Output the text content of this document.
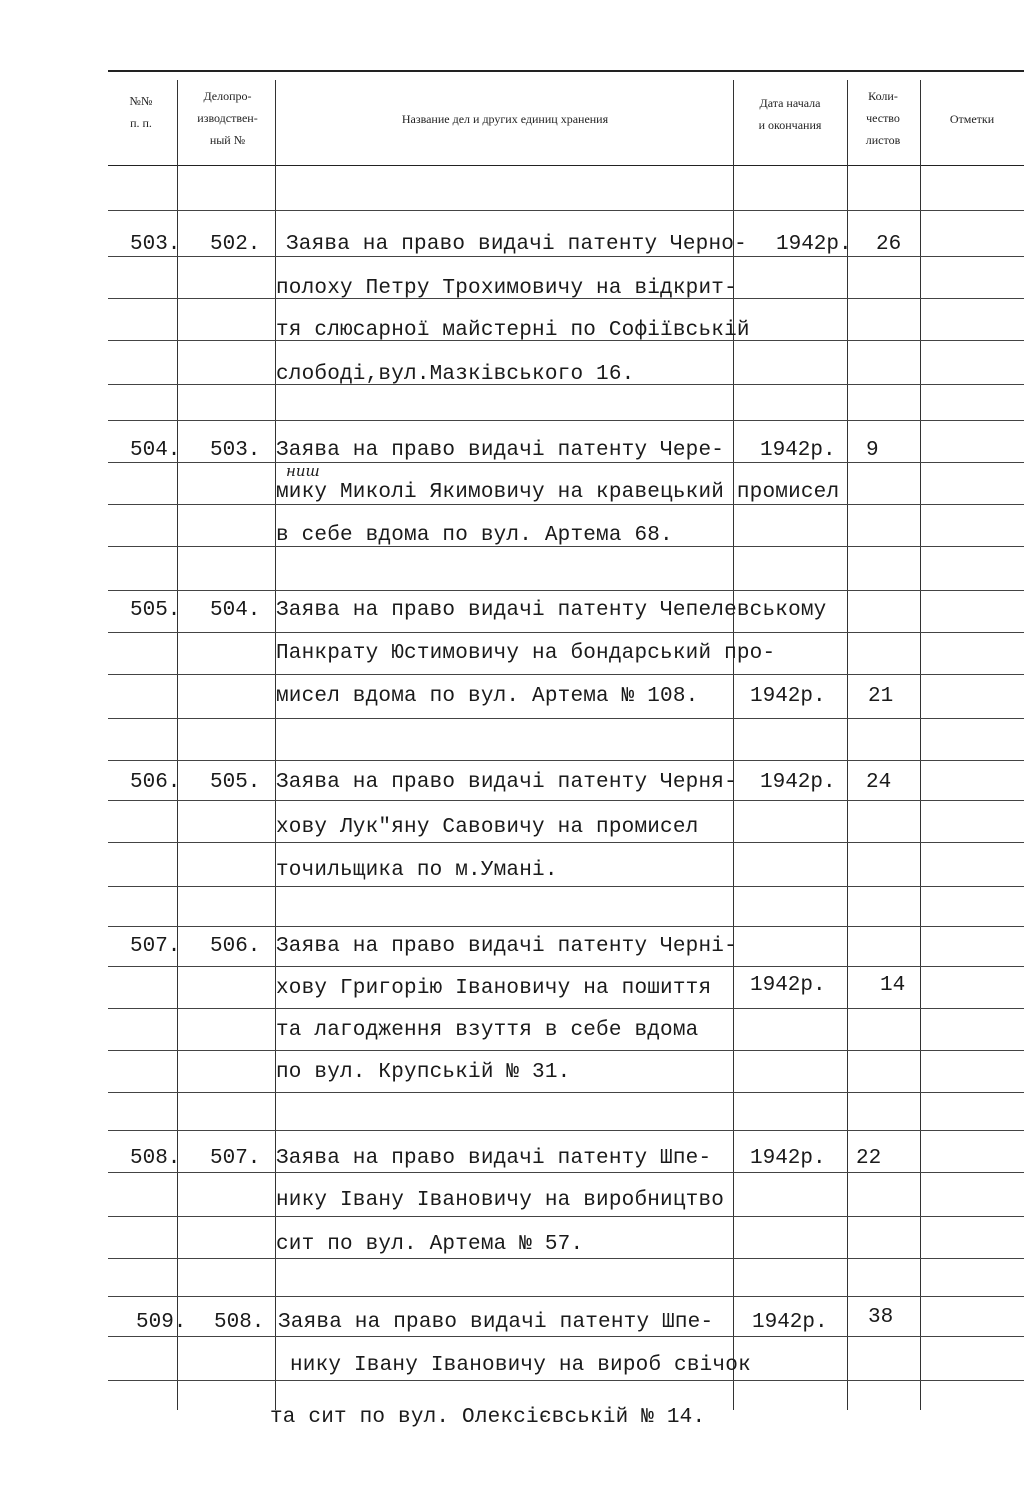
№№
п. п.
Делопро-
изводствен-
ный №
Название дел и других единиц хранения
Дата начала
и окончания
Коли-
чество
листов
Отметки
503. 502. Заява на право видачі патенту Черно-
полоху Петру Трохимовичу на відкрит-
тя слюсарної майстерні по Софіївській
слободі,вул.Мазківського 16.
1942р. 26
504. 503. Заява на право видачі патенту Чере-
ниш
мику Миколі Якимовичу на кравецький промисел
в себе вдома по вул. Артема 68.
1942р. 9
505. 504. Заява на право видачі патенту Чепелевському
Панкрату Юстимовичу на бондарський про-
мисел вдома по вул. Артема № 108. 1942р. 21
506. 505. Заява на право видачі патенту Черня-
хову Лук"яну Савовичу на промисел
точильщика по м.Умані.
1942р. 24
507. 506. Заява на право видачі патенту Черні-
хову Григорію Івановичу на пошиття
та лагодження взуття в себе вдома
по вул. Крупській № 31.
1942р.	14
508. 507. Заява на право видачі патенту Шпе-
нику Івану Івановичу на виробництво
сит по вул. Артема № 57.
1942р. 22
509. 508. Заява на право видачі патенту Шпе-
нику Івану Івановичу на вироб свічок
та сит по вул. Олексієвській № 14.
1942р. 38
